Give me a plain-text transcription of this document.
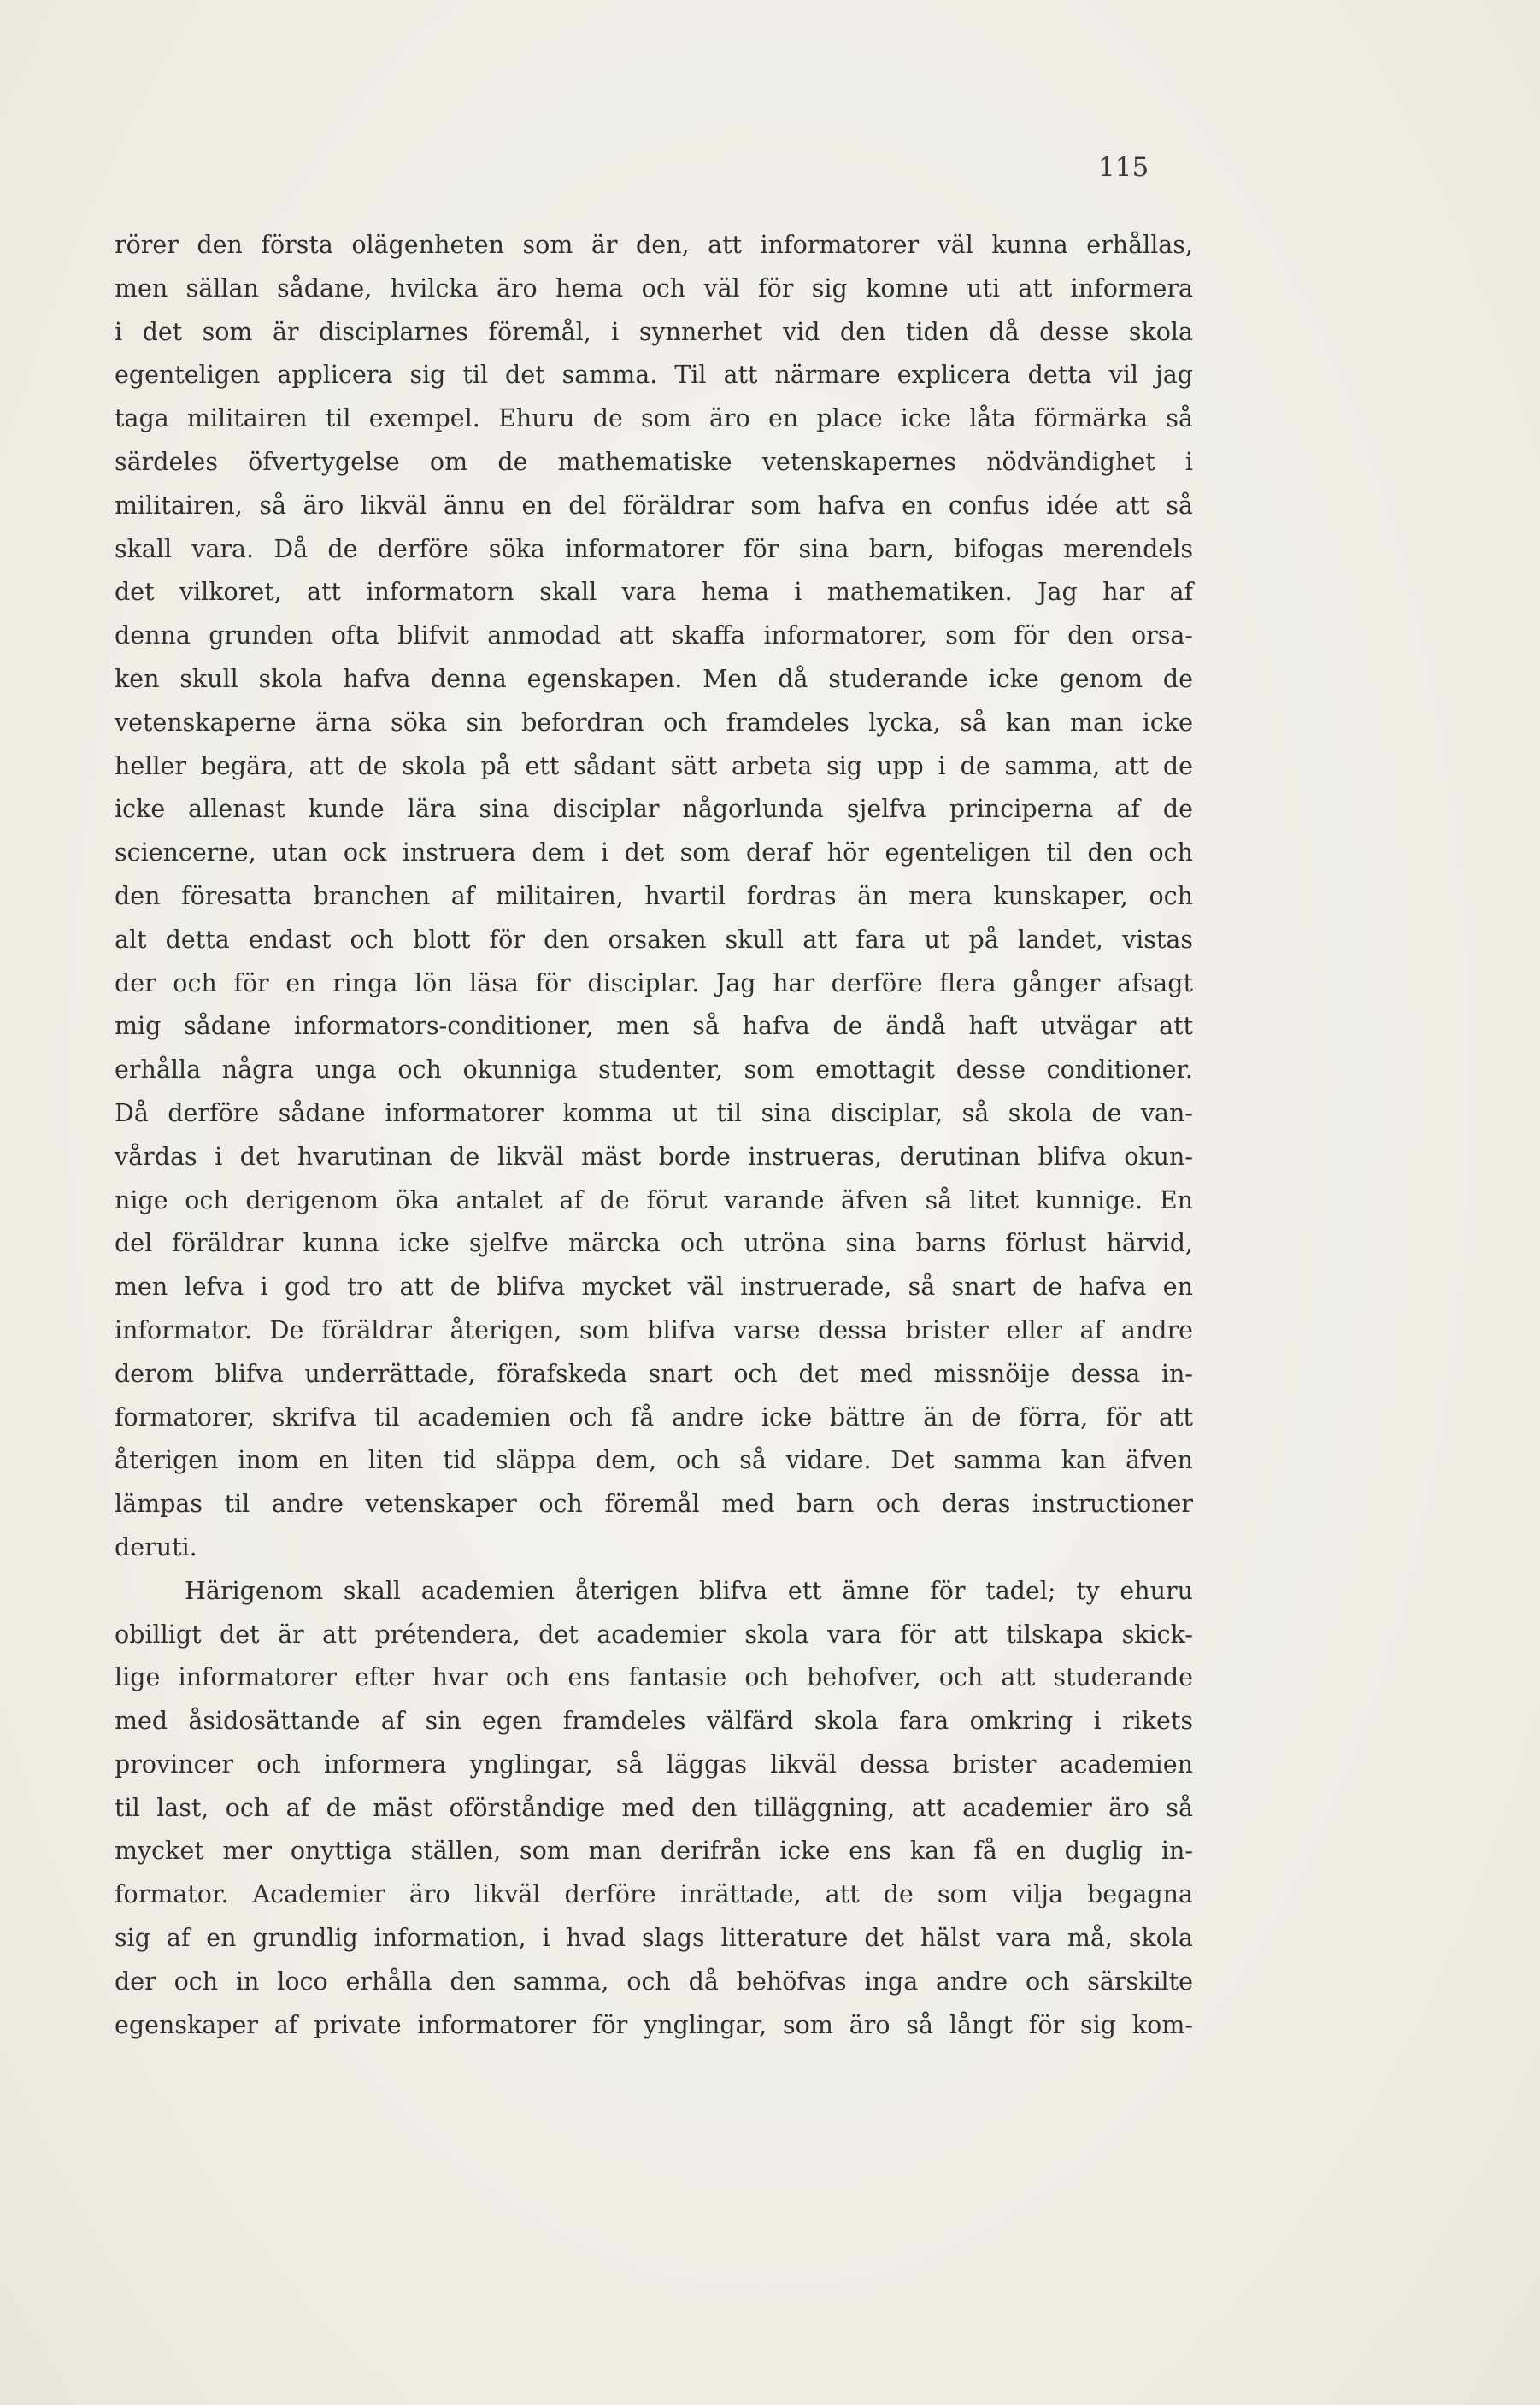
115
rörer den första olägenheten som är den, att informatorer väl kunna erhållas,
men sällan sådane, hvilcka äro hema och väl för sig komne uti att informera
i det som är disciplarnes föremål, i synnerhet vid den tiden då desse skola
egenteligen applicera sig til det samma. Til att närmare explicera detta vil jag
taga militairen til exempel. Ehuru de som äro en place icke låta förmärka så
särdeles öfvertygelse om de mathematiske vetenskapernes nödvändighet i
militairen, så äro likväl ännu en del föräldrar som hafva en confus idée att så
skall vara. Då de derföre söka informatorer för sina barn, bifogas merendels
det vilkoret, att informatorn skall vara hema i mathematiken. Jag har af
denna grunden ofta blifvit anmodad att skaffa informatorer, som för den orsa-
ken skull skola hafva denna egenskapen. Men då studerande icke genom de
vetenskaperne ärna söka sin befordran och framdeles lycka, så kan man icke
heller begära, att de skola på ett sådant sätt arbeta sig upp i de samma, att de
icke allenast kunde lära sina disciplar någorlunda sjelfva principerna af de
sciencerne, utan ock instruera dem i det som deraf hör egenteligen til den och
den föresatta branchen af militairen, hvartil fordras än mera kunskaper, och
alt detta endast och blott för den orsaken skull att fara ut på landet, vistas
der och för en ringa lön läsa för disciplar. Jag har derföre flera gånger afsagt
mig sådane informators-conditioner, men så hafva de ändå haft utvägar att
erhålla några unga och okunniga studenter, som emottagit desse conditioner.
Då derföre sådane informatorer komma ut til sina disciplar, så skola de van-
vårdas i det hvarutinan de likväl mäst borde instrueras, derutinan blifva okun-
nige och derigenom öka antalet af de förut varande äfven så litet kunnige. En
del föräldrar kunna icke sjelfve märcka och utröna sina barns förlust härvid,
men lefva i god tro att de blifva mycket väl instruerade, så snart de hafva en
informator. De föräldrar återigen, som blifva varse dessa brister eller af andre
derom blifva underrättade, förafskeda snart och det med missnöije dessa in-
formatorer, skrifva til academien och få andre icke bättre än de förra, för att
återigen inom en liten tid släppa dem, och så vidare. Det samma kan äfven
lämpas til andre vetenskaper och föremål med barn och deras instructioner
deruti.
Härigenom skall academien återigen blifva ett ämne för tadel; ty ehuru
obilligt det är att prétendera, det academier skola vara för att tilskapa skick-
lige informatorer efter hvar och ens fantasie och behofver, och att studerande
med åsidosättande af sin egen framdeles välfärd skola fara omkring i rikets
provincer och informera ynglingar, så läggas likväl dessa brister academien
til last, och af de mäst oförståndige med den tilläggning, att academier äro så
mycket mer onyttiga ställen, som man derifrån icke ens kan få en duglig in-
formator. Academier äro likväl derföre inrättade, att de som vilja begagna
sig af en grundlig information, i hvad slags litterature det hälst vara må, skola
der och in loco erhålla den samma, och då behöfvas inga andre och särskilte
egenskaper af private informatorer för ynglingar, som äro så långt för sig kom-
